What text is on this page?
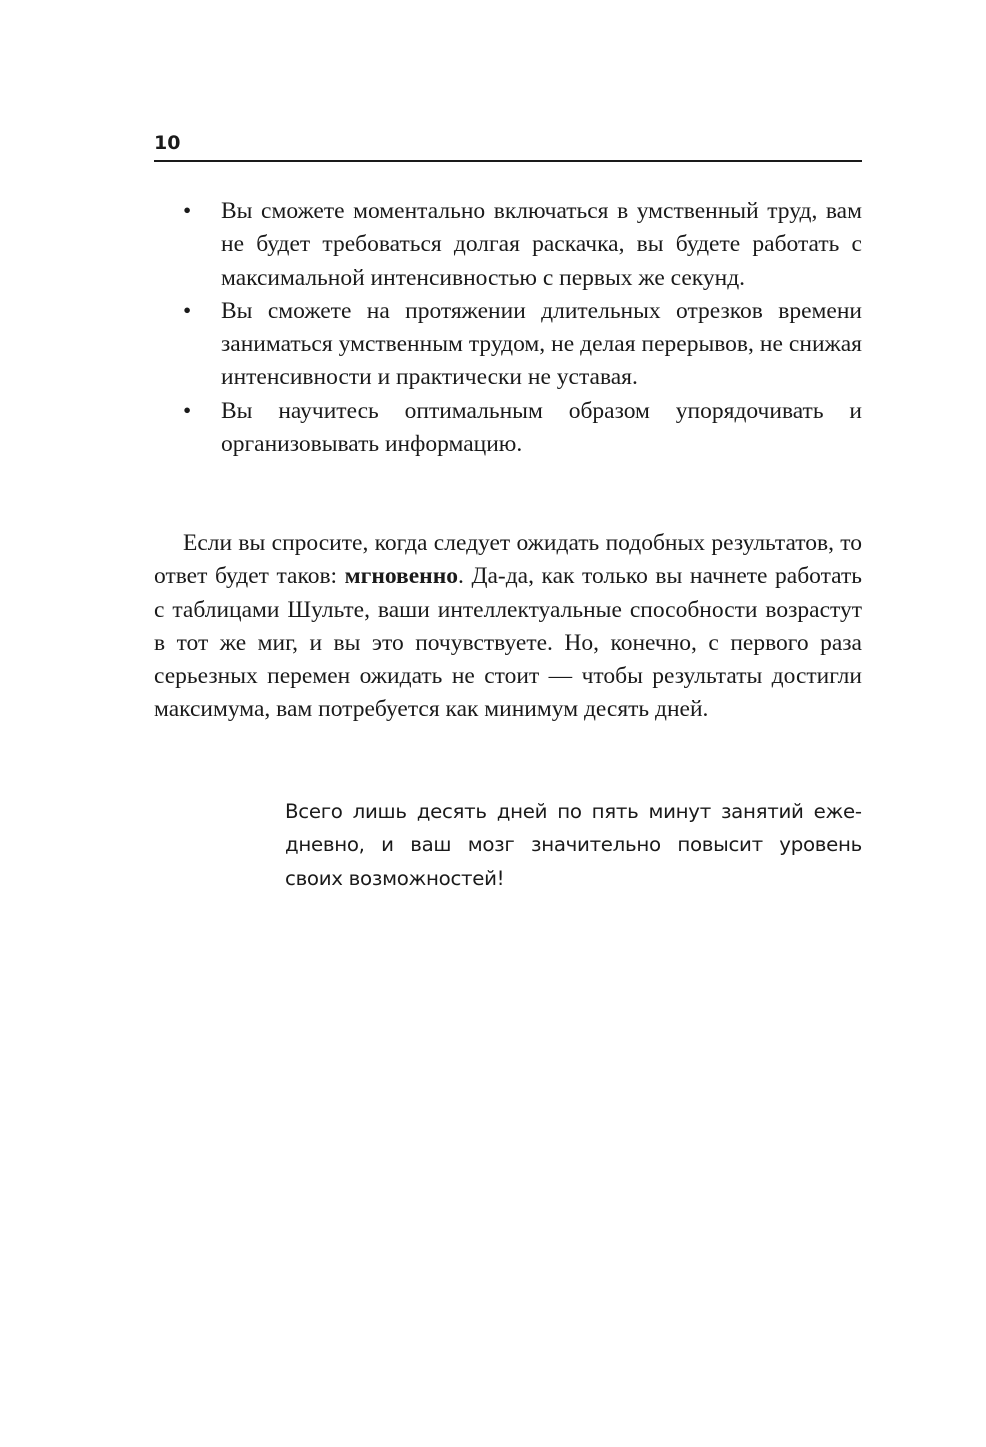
10
• Вы сможете моментально включаться в умственный труд, вам не будет требоваться долгая раскачка, вы будете работать с максимальной интенсивностью с первых же секунд.
• Вы сможете на протяжении длительных отрезков времени заниматься умственным трудом, не делая перерывов, не снижая интенсивности и практически не уставая.
• Вы научитесь оптимальным образом упорядочивать и организовывать информацию.

Если вы спросите, когда следует ожидать подобных результатов, то ответ будет таков: мгновенно. Да-да, как только вы начнете работать с таблицами Шульте, ваши интеллектуальные способности возрастут в тот же миг, и вы это почувствуете. Но, конечно, с первого раза серьезных перемен ожидать не стоит — чтобы результаты достигли максимума, вам потребуется как минимум десять дней.

Всего лишь десять дней по пять минут занятий ежедневно, и ваш мозг значительно повысит уровень своих возможностей!
